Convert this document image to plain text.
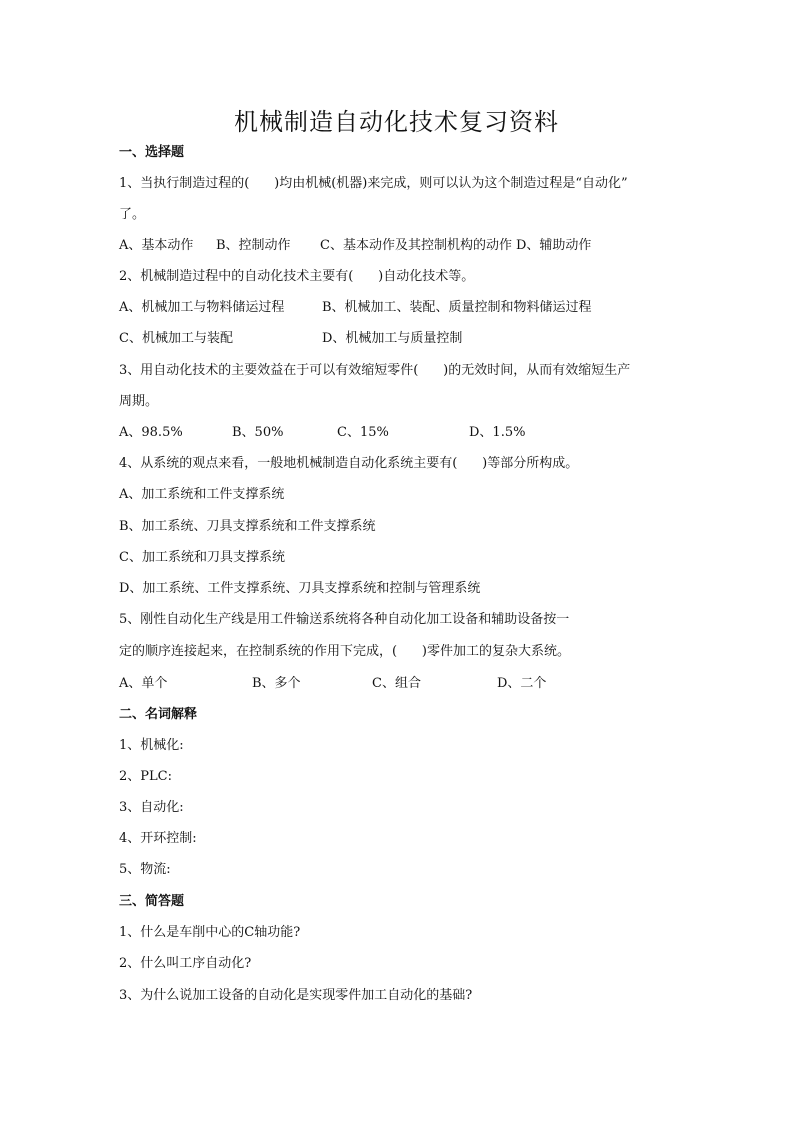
机械制造自动化技术复习资料
一、选择题
1、当执行制造过程的(      )均由机械(机器)来完成，则可以认为这个制造过程是“自动化”
了。
A、基本动作 B、控制动作 C、基本动作及其控制机构的动作 D、辅助动作
2、机械制造过程中的自动化技术主要有(      )自动化技术等。
A、机械加工与物料储运过程	B、机械加工、装配、质量控制和物料储运过程
C、机械加工与装配	D、机械加工与质量控制
3、用自动化技术的主要效益在于可以有效缩短零件(      )的无效时间，从而有效缩短生产
周期。
A、98.5%	B、50%	C、15%	D、1.5%
4、从系统的观点来看，一般地机械制造自动化系统主要有(      )等部分所构成。
A、加工系统和工件支撑系统
B、加工系统、刀具支撑系统和工件支撑系统
C、加工系统和刀具支撑系统
D、加工系统、工件支撑系统、刀具支撑系统和控制与管理系统
5、刚性自动化生产线是用工件输送系统将各种自动化加工设备和辅助设备按一
定的顺序连接起来，在控制系统的作用下完成，(      )零件加工的复杂大系统。
A、单个	B、多个	C、组合	D、二个
二、名词解释
1、机械化:
2、PLC:
3、自动化:
4、开环控制:
5、物流:
三、简答题
1、什么是车削中心的C轴功能?
2、什么叫工序自动化?
3、为什么说加工设备的自动化是实现零件加工自动化的基础?
